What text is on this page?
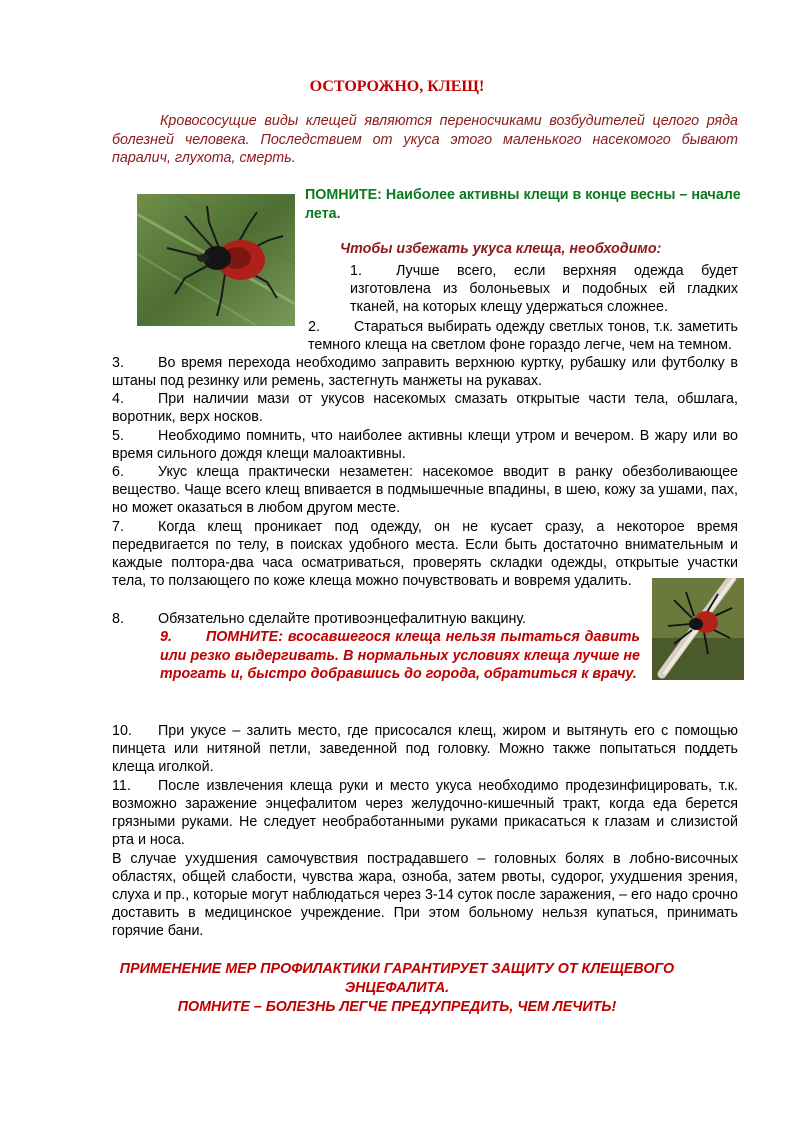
ОСТОРОЖНО, КЛЕЩ!
Кровососущие виды клещей являются переносчиками возбудителей целого ряда болезней человека. Последствием от укуса этого маленького насекомого бывают паралич, глухота, смерть.
ПОМНИТЕ: Наиболее активны клещи в конце весны – начале лета.
Чтобы избежать укуса клеща, необходимо:
1. Лучше всего, если верхняя одежда будет изготовлена из болоньевых и подобных ей гладких тканей, на которых клещу удержаться сложнее.
2. Стараться выбирать одежду светлых тонов, т.к. заметить темного клеща на светлом фоне гораздо легче, чем на темном.
3. Во время перехода необходимо заправить верхнюю куртку, рубашку или футболку в штаны под резинку или ремень, застегнуть манжеты на рукавах.
4. При наличии мази от укусов насекомых смазать открытые части тела, обшлага, воротник, верх носков.
5. Необходимо помнить, что наиболее активны клещи утром и вечером. В жару или во время сильного дождя клещи малоактивны.
6. Укус клеща практически незаметен: насекомое вводит в ранку обезболивающее вещество. Чаще всего клещ впивается в подмышечные впадины, в шею, кожу за ушами, пах, но может оказаться в любом другом месте.
7. Когда клещ проникает под одежду, он не кусает сразу, а некоторое время передвигается по телу, в поисках удобного места. Если быть достаточно внимательным и каждые полтора-два часа осматриваться, проверять складки одежды, открытые участки тела, то ползающего по коже клеща можно почувствовать и вовремя удалить.
8. Обязательно сделайте противоэнцефалитную вакцину.
9. ПОМНИТЕ: всосавшегося клеща нельзя пытаться давить или резко выдергивать. В нормальных условиях клеща лучше не трогать и, быстро добравшись до города, обратиться к врачу.
10. При укусе – залить место, где присосался клещ, жиром и вытянуть его с помощью пинцета или нитяной петли, заведенной под головку. Можно также попытаться поддеть клеща иголкой.
11. После извлечения клеща руки и место укуса необходимо продезинфицировать, т.к. возможно заражение энцефалитом через желудочно-кишечный тракт, когда еда берется грязными руками. Не следует необработанными руками прикасаться к глазам и слизистой рта и носа.
В случае ухудшения самочувствия пострадавшего – головных болях в лобно-височных областях, общей слабости, чувства жара, озноба, затем рвоты, судорог, ухудшения зрения, слуха и пр., которые могут наблюдаться через 3-14 суток после заражения, – его надо срочно доставить в медицинское учреждение. При этом больному нельзя купаться, принимать горячие бани.
ПРИМЕНЕНИЕ МЕР ПРОФИЛАКТИКИ ГАРАНТИРУЕТ ЗАЩИТУ ОТ КЛЕЩЕВОГО ЭНЦЕФАЛИТА.
ПОМНИТЕ – БОЛЕЗНЬ ЛЕГЧЕ ПРЕДУПРЕДИТЬ, ЧЕМ ЛЕЧИТЬ!
